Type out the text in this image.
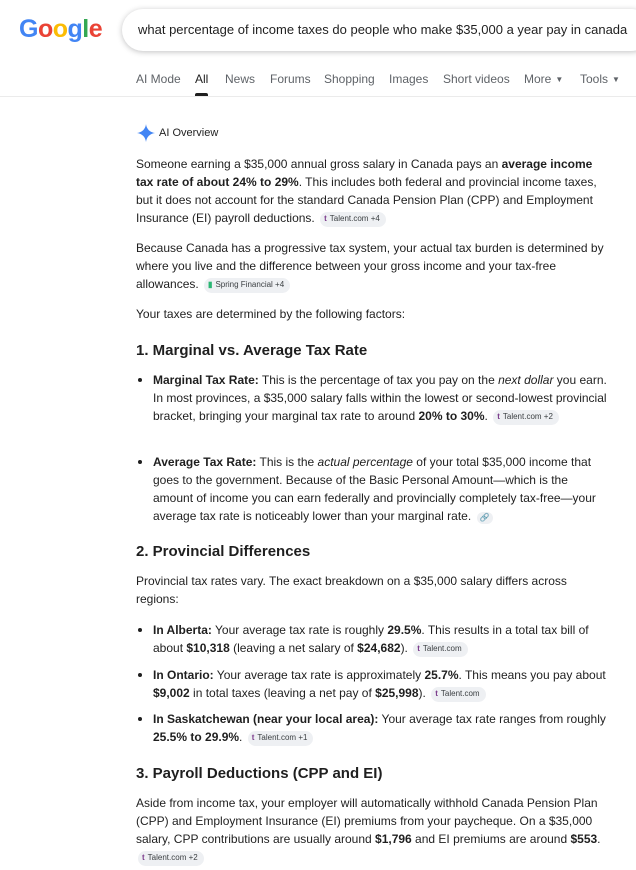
Google	what percentage of income taxes do people who make $35,000 a year pay in canada
AI Mode All News Forums Shopping Images Short videos More ▼ Tools ▼
AI Overview
Someone earning a $35,000 annual gross salary in Canada pays an average income tax rate of about 24% to 29%. This includes both federal and provincial income taxes, but it does not account for the standard Canada Pension Plan (CPP) and Employment Insurance (EI) payroll deductions. t Talent.com +4
Because Canada has a progressive tax system, your actual tax burden is determined by where you live and the difference between your gross income and your tax-free allowances. ▮ Spring Financial +4
Your taxes are determined by the following factors:
1. Marginal vs. Average Tax Rate
Marginal Tax Rate: This is the percentage of tax you pay on the next dollar you earn. In most provinces, a $35,000 salary falls within the lowest or second-lowest provincial bracket, bringing your marginal tax rate to around 20% to 30%. t Talent.com +2
Average Tax Rate: This is the actual percentage of your total $35,000 income that goes to the government. Because of the Basic Personal Amount—which is the amount of income you can earn federally and provincially completely tax-free—your average tax rate is noticeably lower than your marginal rate. 🔗
2. Provincial Differences
Provincial tax rates vary. The exact breakdown on a $35,000 salary differs across regions:
In Alberta: Your average tax rate is roughly 29.5%. This results in a total tax bill of about $10,318 (leaving a net salary of $24,682). t Talent.com
In Ontario: Your average tax rate is approximately 25.7%. This means you pay about $9,002 in total taxes (leaving a net pay of $25,998). t Talent.com
In Saskatchewan (near your local area): Your average tax rate ranges from roughly 25.5% to 29.9%. t Talent.com +1
3. Payroll Deductions (CPP and EI)
Aside from income tax, your employer will automatically withhold Canada Pension Plan (CPP) and Employment Insurance (EI) premiums from your paycheque. On a $35,000 salary, CPP contributions are usually around $1,796 and EI premiums are around $553. t Talent.com +2
